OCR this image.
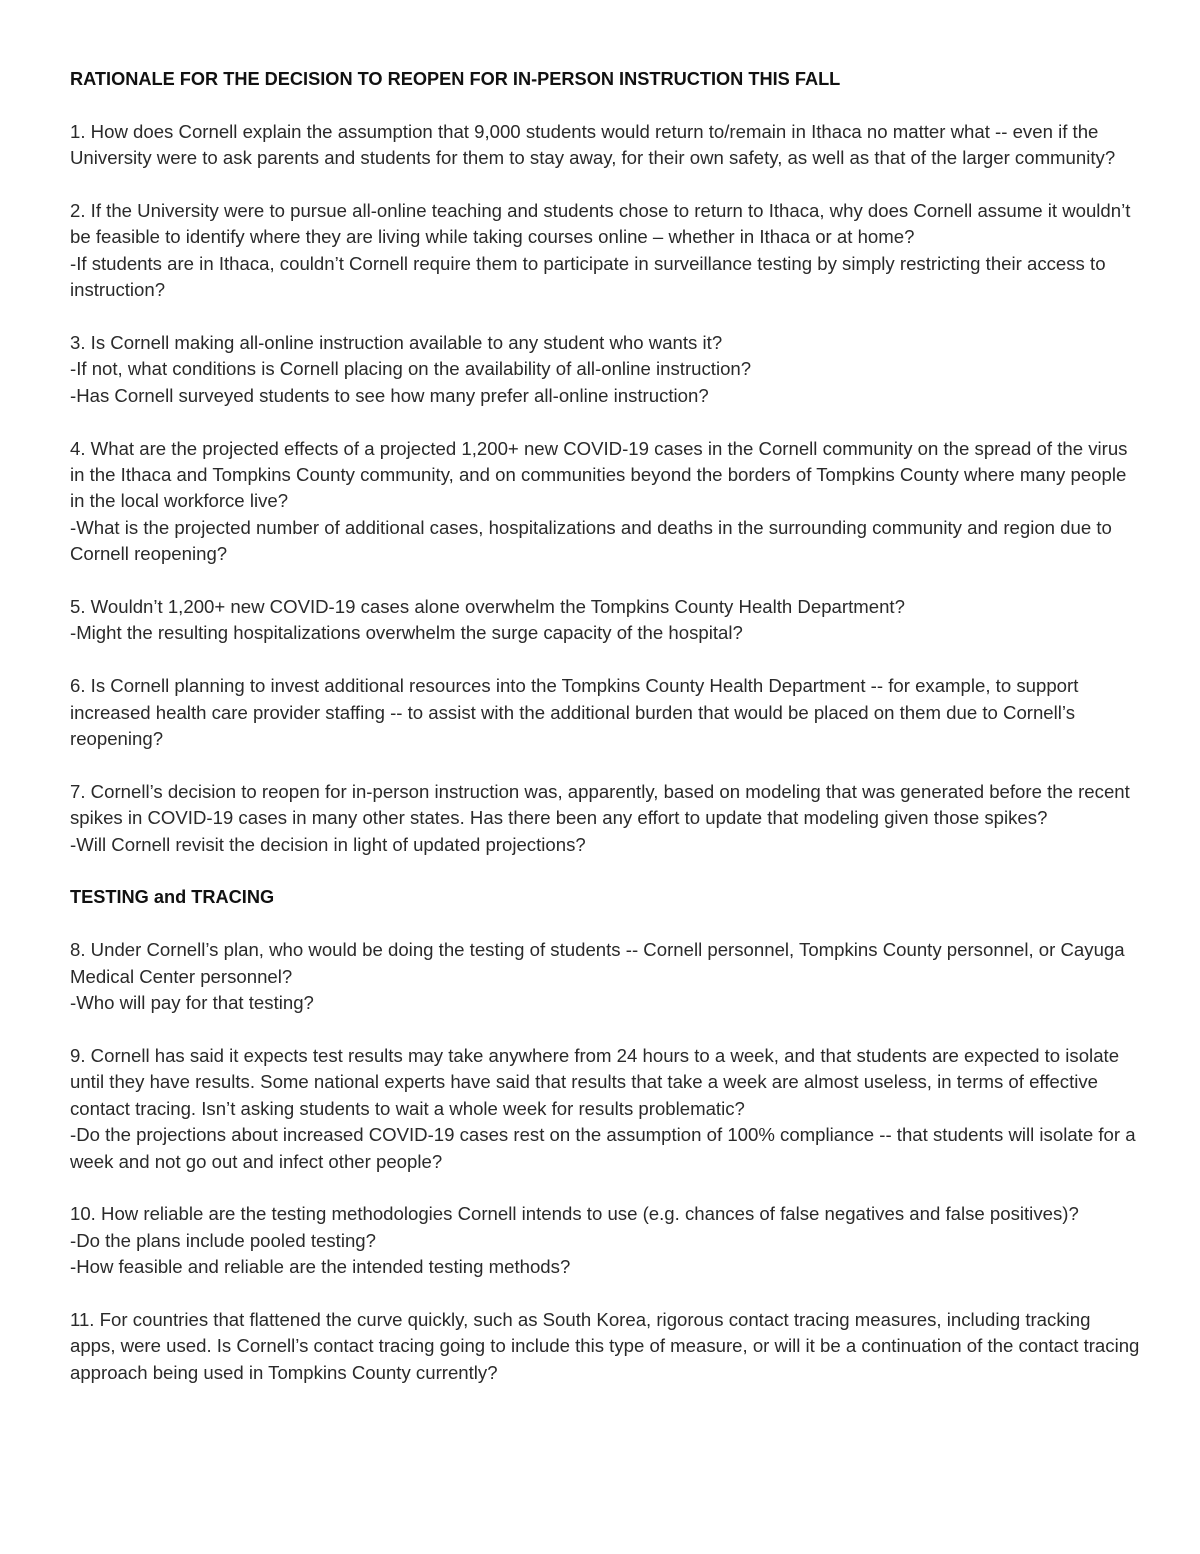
RATIONALE FOR THE DECISION TO REOPEN FOR IN-PERSON INSTRUCTION THIS FALL
1. How does Cornell explain the assumption that 9,000 students would return to/remain in Ithaca no matter what -- even if the University were to ask parents and students for them to stay away, for their own safety, as well as that of the larger community?
2. If the University were to pursue all-online teaching and students chose to return to Ithaca, why does Cornell assume it wouldn’t be feasible to identify where they are living while taking courses online – whether in Ithaca or at home?
-If students are in Ithaca, couldn’t Cornell require them to participate in surveillance testing by simply restricting their access to instruction?
3. Is Cornell making all-online instruction available to any student who wants it?
-If not, what conditions is Cornell placing on the availability of all-online instruction?
-Has Cornell surveyed students to see how many prefer all-online instruction?
4. What are the projected effects of a projected 1,200+ new COVID-19 cases in the Cornell community on the spread of the virus in the Ithaca and Tompkins County community, and on communities beyond the borders of Tompkins County where many people in the local workforce live?
-What is the projected number of additional cases, hospitalizations and deaths in the surrounding community and region due to Cornell reopening?
5. Wouldn’t 1,200+ new COVID-19 cases alone overwhelm the Tompkins County Health Department?
-Might the resulting hospitalizations overwhelm the surge capacity of the hospital?
6. Is Cornell planning to invest additional resources into the Tompkins County Health Department -- for example, to support increased health care provider staffing -- to assist with the additional burden that would be placed on them due to Cornell’s reopening?
7. Cornell’s decision to reopen for in-person instruction was, apparently, based on modeling that was generated before the recent spikes in COVID-19 cases in many other states. Has there been any effort to update that modeling given those spikes?
-Will Cornell revisit the decision in light of updated projections?
TESTING and TRACING
8. Under Cornell’s plan, who would be doing the testing of students -- Cornell personnel, Tompkins County personnel, or Cayuga Medical Center personnel?
-Who will pay for that testing?
9. Cornell has said it expects test results may take anywhere from 24 hours to a week, and that students are expected to isolate until they have results. Some national experts have said that results that take a week are almost useless, in terms of effective contact tracing. Isn’t asking students to wait a whole week for results problematic?
-Do the projections about increased COVID-19 cases rest on the assumption of 100% compliance -- that students will isolate for a week and not go out and infect other people?
10. How reliable are the testing methodologies Cornell intends to use (e.g. chances of false negatives and false positives)?
-Do the plans include pooled testing?
-How feasible and reliable are the intended testing methods?
11. For countries that flattened the curve quickly, such as South Korea, rigorous contact tracing measures, including tracking apps, were used. Is Cornell’s contact tracing going to include this type of measure, or will it be a continuation of the contact tracing approach being used in Tompkins County currently?
